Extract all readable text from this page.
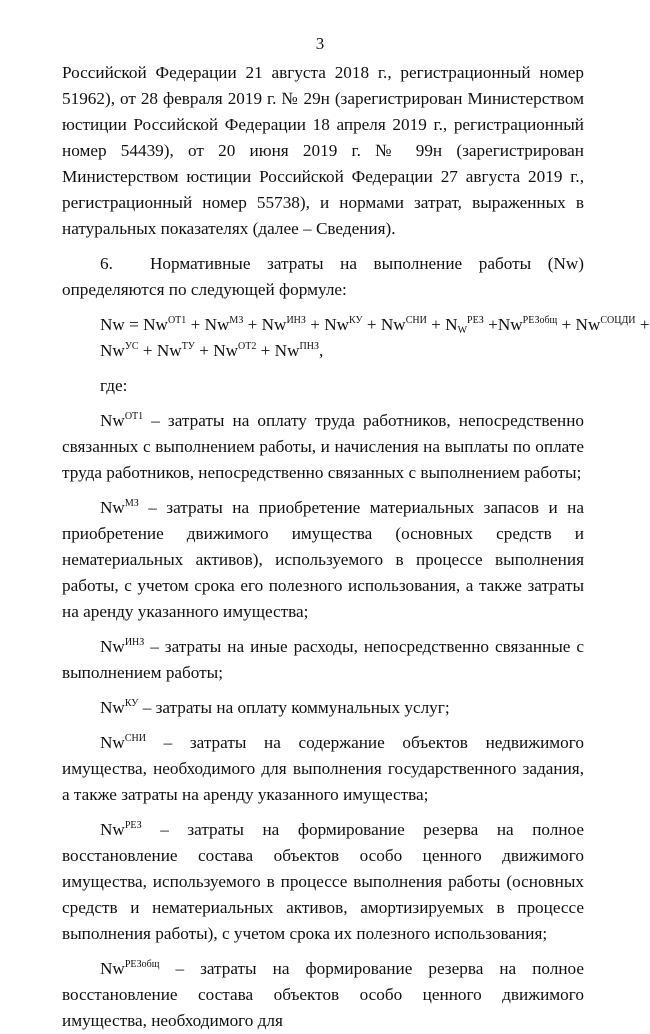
3

Российской Федерации 21 августа 2018 г., регистрационный номер 51962), от 28 февраля 2019 г. № 29н (зарегистрирован Министерством юстиции Российской Федерации 18 апреля 2019 г., регистрационный номер 54439), от 20 июня 2019 г. № 99н (зарегистрирован Министерством юстиции Российской Федерации 27 августа 2019 г., регистрационный номер 55738), и нормами затрат, выраженных в натуральных показателях (далее – Сведения).

6. Нормативные затраты на выполнение работы (Nw) определяются по следующей формуле:

$Nw = Nw^{ОТ1} + Nw^{МЗ} + Nw^{ИНЗ} + Nw^{КУ} + Nw^{СНИ} + N_W^{РЕЗ} +Nw^{РЕЗобщ} + Nw^{СОЦДИ}$ +

$Nw^{УС} + Nw^{ТУ} + Nw^{ОТ2} + Nw^{ПНЗ}$,

где:

$Nw^{ОТ1}$ – затраты на оплату труда работников, непосредственно связанных с выполнением работы, и начисления на выплаты по оплате труда работников, непосредственно связанных с выполнением работы;

$Nw^{МЗ}$ – затраты на приобретение материальных запасов и на приобретение движимого имущества (основных средств и нематериальных активов), используемого в процессе выполнения работы, с учетом срока его полезного использования, а также затраты на аренду указанного имущества;

$Nw^{ИНЗ}$ – затраты на иные расходы, непосредственно связанные с выполнением работы;

$Nw^{КУ}$ – затраты на оплату коммунальных услуг;

$Nw^{СНИ}$ – затраты на содержание объектов недвижимого имущества, необходимого для выполнения государственного задания, а также затраты на аренду указанного имущества;

$Nw^{РЕЗ}$ – затраты на формирование резерва на полное восстановление состава объектов особо ценного движимого имущества, используемого в процессе выполнения работы (основных средств и нематериальных активов, амортизируемых в процессе выполнения работы), с учетом срока их полезного использования;

$Nw^{РЕЗобщ}$ – затраты на формирование резерва на полное восстановление состава объектов особо ценного движимого имущества, необходимого для
